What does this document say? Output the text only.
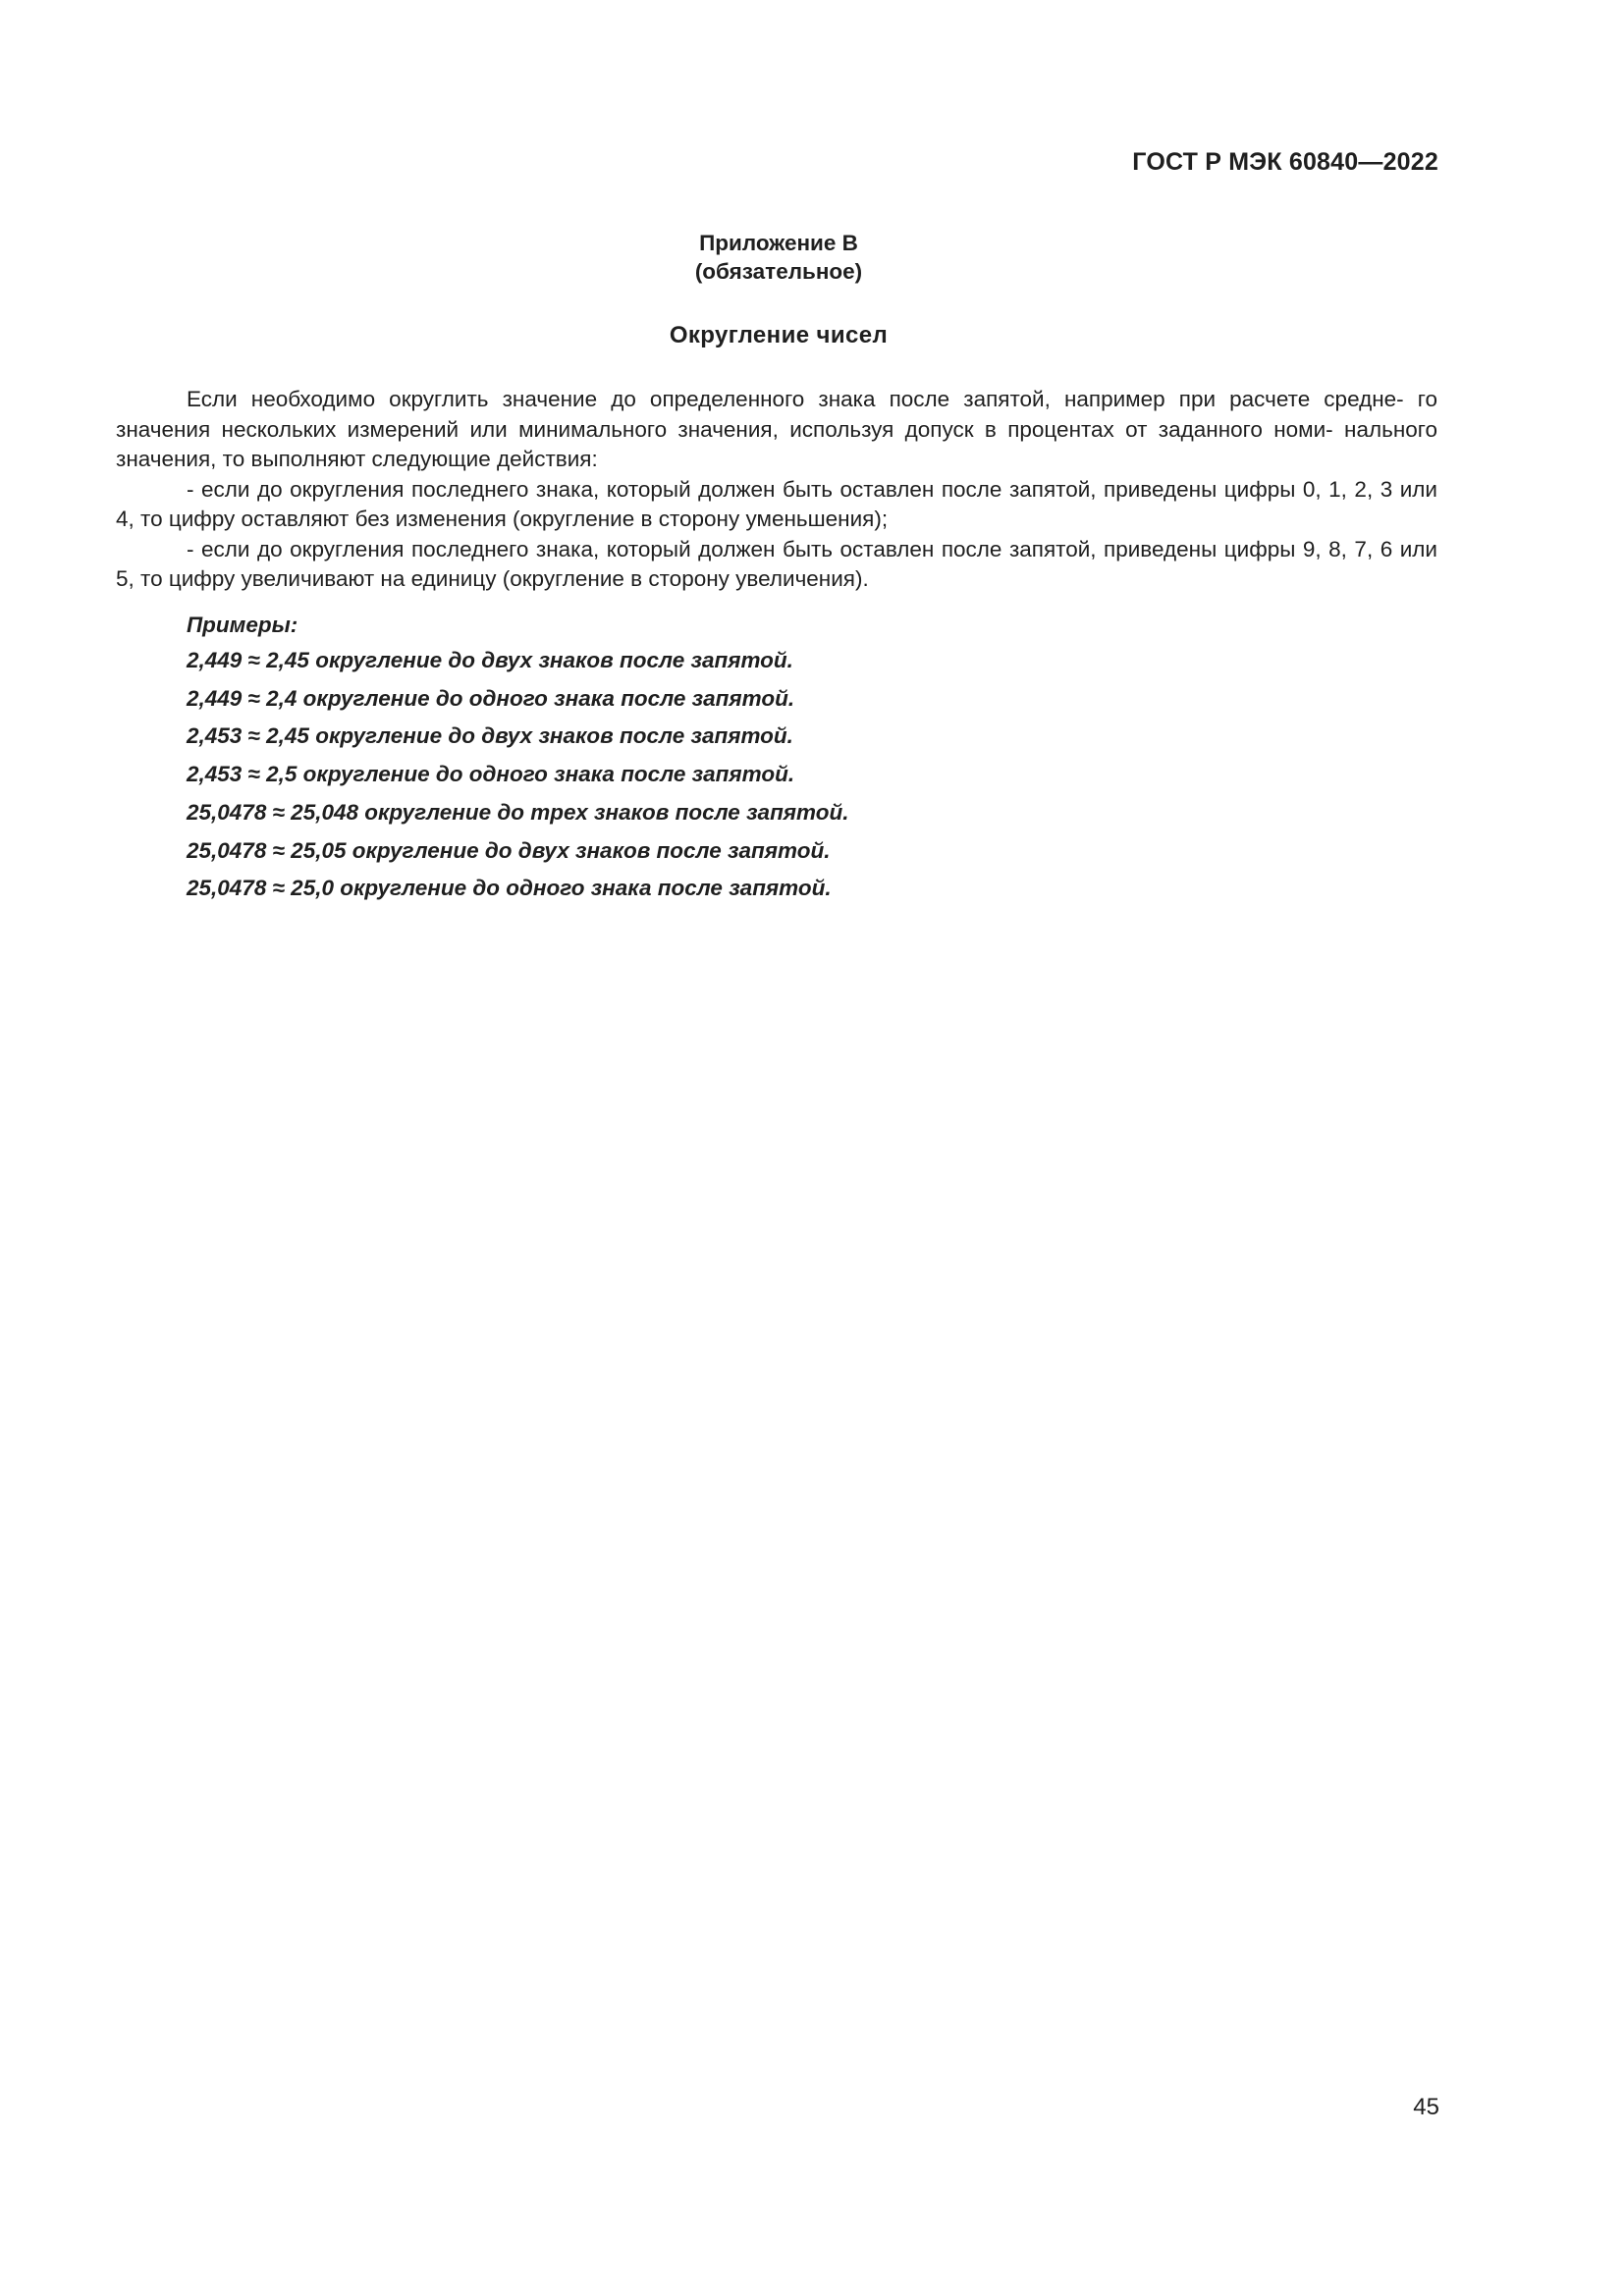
ГОСТ Р МЭК 60840—2022
Приложение В
(обязательное)
Округление чисел

Если необходимо округлить значение до определенного знака после запятой, например при расчете средне- го значения нескольких измерений или минимального значения, используя допуск в процентах от заданного номи- нального значения, то выполняют следующие действия:

- если до округления последнего знака, который должен быть оставлен после запятой, приведены цифры 0, 1, 2, 3 или 4, то цифру оставляют без изменения (округление в сторону уменьшения);

- если до округления последнего знака, который должен быть оставлен после запятой, приведены цифры 9, 8, 7, 6 или 5, то цифру увеличивают на единицу (округление в сторону увеличения).

Примеры:
2,449 ≈ 2,45 округление до двух знаков после запятой.
2,449 ≈ 2,4 округление до одного знака после запятой.
2,453 ≈ 2,45 округление до двух знаков после запятой.
2,453 ≈ 2,5 округление до одного знака после запятой.
25,0478 ≈ 25,048 округление до трех знаков после запятой.
25,0478 ≈ 25,05 округление до двух знаков после запятой.
25,0478 ≈ 25,0 округление до одного знака после запятой.
45
